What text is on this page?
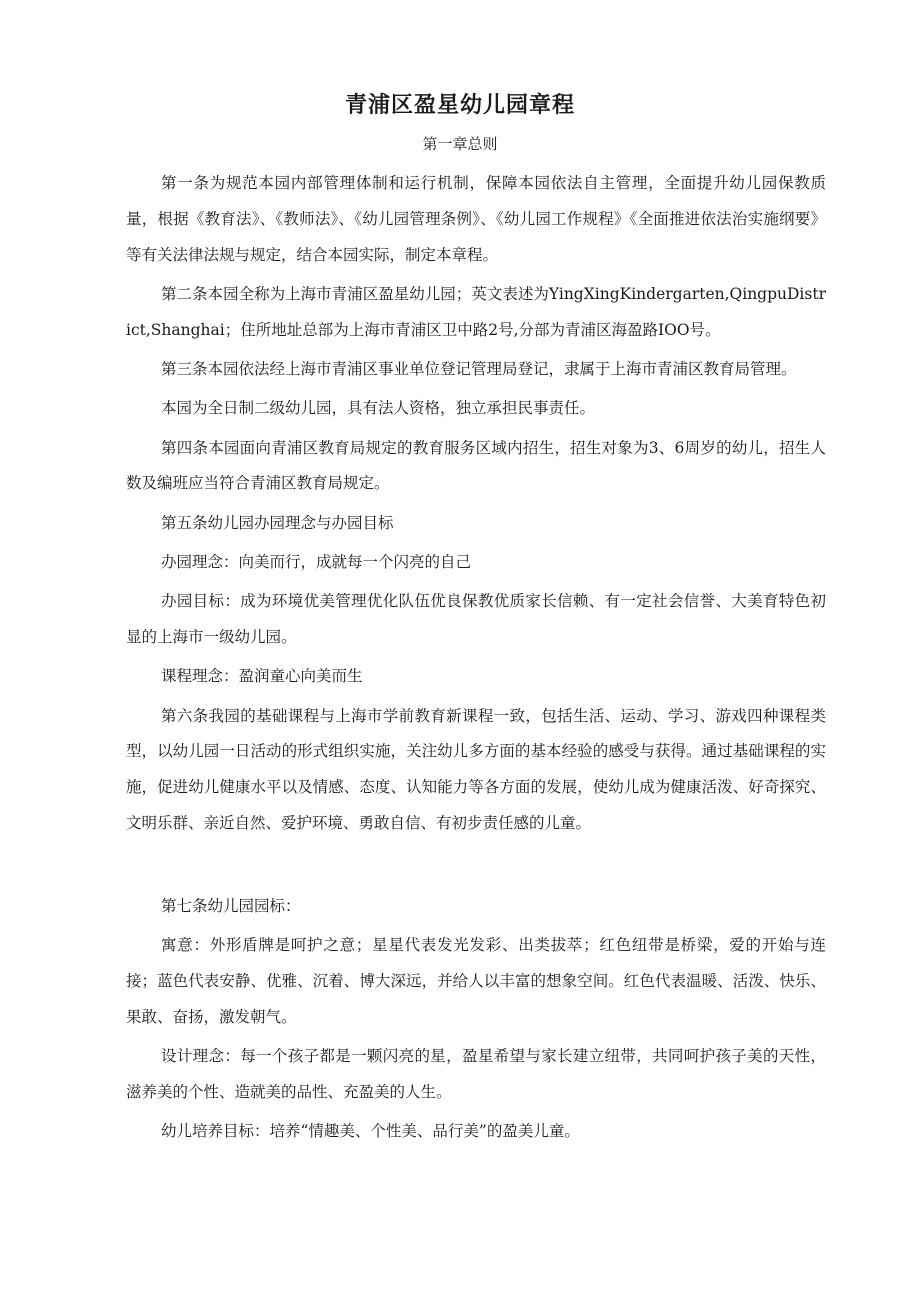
青浦区盈星幼儿园章程
第一章总则

第一条为规范本园内部管理体制和运行机制，保障本园依法自主管理，全面提升幼儿园保教质量，根据《教育法》、《教师法》、《幼儿园管理条例》、《幼儿园工作规程》《全面推进依法治实施纲要》等有关法律法规与规定，结合本园实际，制定本章程。

第二条本园全称为上海市青浦区盈星幼儿园；英文表述为YingXingKindergarten,QingpuDistrict,Shanghai；住所地址总部为上海市青浦区卫中路2号,分部为青浦区海盈路IOO号。

第三条本园依法经上海市青浦区事业单位登记管理局登记，隶属于上海市青浦区教育局管理。

本园为全日制二级幼儿园，具有法人资格，独立承担民事责任。

第四条本园面向青浦区教育局规定的教育服务区域内招生，招生对象为3、6周岁的幼儿，招生人数及编班应当符合青浦区教育局规定。

第五条幼儿园办园理念与办园目标

办园理念：向美而行，成就每一个闪亮的自己

办园目标：成为环境优美管理优化队伍优良保教优质家长信赖、有一定社会信誉、大美育特色初显的上海市一级幼儿园。

课程理念：盈润童心向美而生

第六条我园的基础课程与上海市学前教育新课程一致，包括生活、运动、学习、游戏四种课程类型，以幼儿园一日活动的形式组织实施，关注幼儿多方面的基本经验的感受与获得。通过基础课程的实施，促进幼儿健康水平以及情感、态度、认知能力等各方面的发展，使幼儿成为健康活泼、好奇探究、文明乐群、亲近自然、爱护环境、勇敢自信、有初步责任感的儿童。

第七条幼儿园园标：

寓意：外形盾牌是呵护之意；星星代表发光发彩、出类拔萃；红色纽带是桥梁，爱的开始与连接；蓝色代表安静、优雅、沉着、博大深远，并给人以丰富的想象空间。红色代表温暖、活泼、快乐、果敢、奋扬，激发朝气。

设计理念：每一个孩子都是一颗闪亮的星，盈星希望与家长建立纽带，共同呵护孩子美的天性，滋养美的个性、造就美的品性、充盈美的人生。

幼儿培养目标：培养“情趣美、个性美、品行美”的盈美儿童。
